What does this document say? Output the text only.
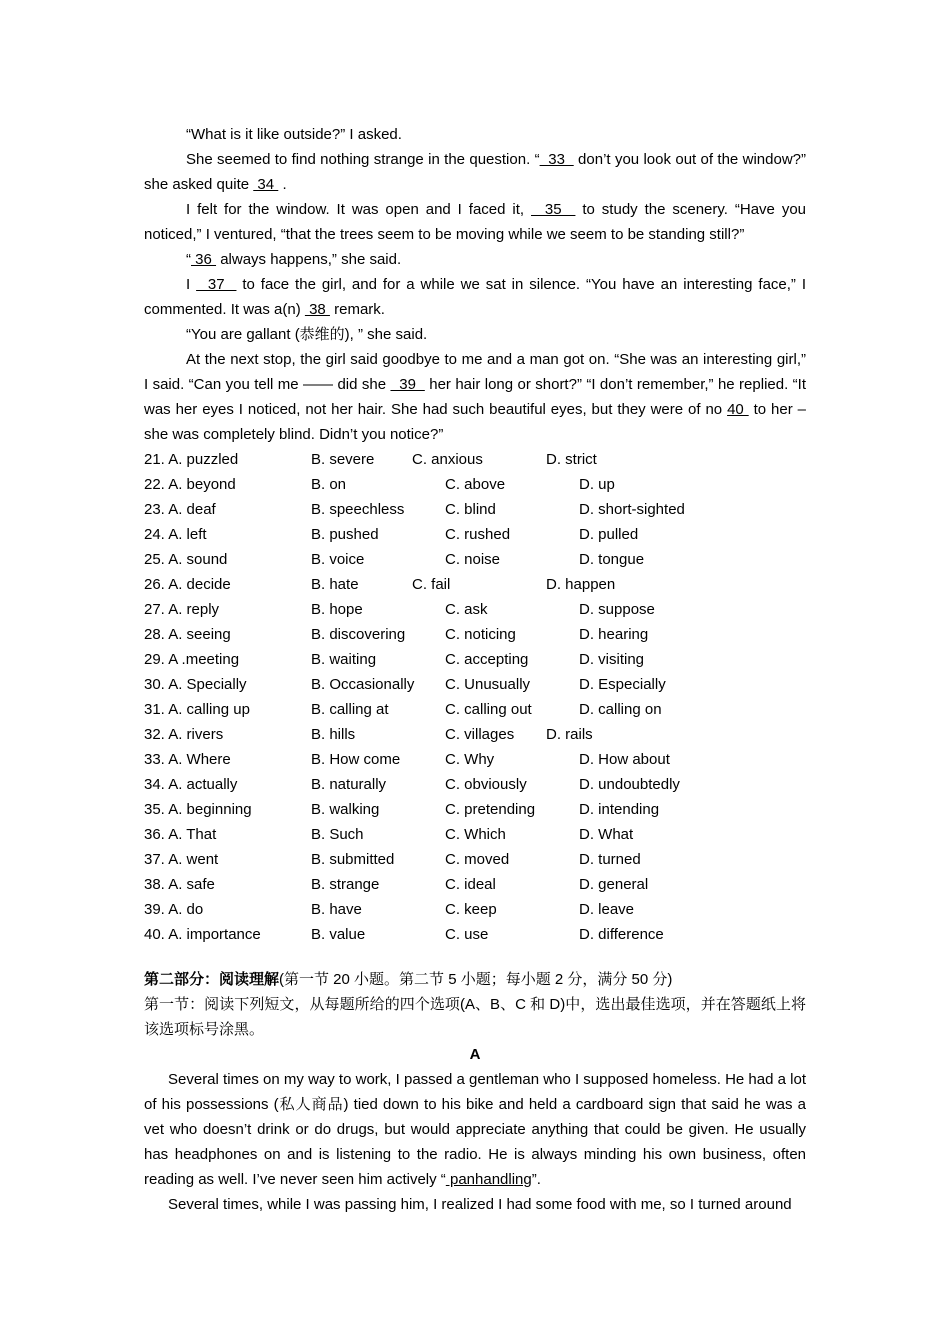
“What is it like outside?” I asked.

She seemed to find nothing strange in the question. “  33   don’t you look out of the window?” she asked quite  34  .

I felt for the window. It was open and I faced it,   35   to study the scenery. “Have you noticed,” I ventured, “that the trees seem to be moving while we seem to be standing still?”

“ 36  always happens,” she said.

I   37   to face the girl, and for a while we sat in silence. “You have an interesting face,” I commented. It was a(n)  38  remark.

“You are gallant (恭维的), ” she said.

At the next stop, the girl said goodbye to me and a man got on. “She was an interesting girl,” I said. “Can you tell me —— did she   39   her hair long or short?” “I don’t remember,” he replied. “It was her eyes I noticed, not her hair. She had such beautiful eyes, but they were of no 40  to her – she was completely blind. Didn’t you notice?”

21. A. puzzled	B. severe	C. anxious	D. strict
22. A. beyond	B. on	C. above	D. up
23. A. deaf	B. speechless	C. blind	D. short-sighted
24. A. left	B. pushed	C. rushed	D. pulled
25. A. sound	B. voice	C. noise	D. tongue
26. A. decide	B. hate	C. fail	D. happen
27. A. reply	B. hope	C. ask	D. suppose
28. A. seeing	B. discovering	C. noticing	D. hearing
29. A .meeting	B. waiting	C. accepting	D. visiting
30. A. Specially	B. Occasionally C. Unusually	D. Especially
31. A. calling up	B. calling at	C. calling out	D. calling on
32. A. rivers	B. hills	C. villages D. rails
33. A. Where	B. How come	C. Why	D. How about
34. A. actually	B. naturally	C. obviously	D. undoubtedly
35. A. beginning	B. walking	C. pretending	D. intending
36. A. That	B. Such	C. Which	D. What
37. A. went	B. submitted	C. moved	D. turned
38. A. safe	B. strange	C. ideal	D. general
39. A. do	B. have	C. keep	D. leave
40. A. importance	B. value	C. use	D. difference
第二部分：阅读理解(第一节 20 小题。第二节 5 小题；每小题 2 分，满分 50 分)

第一节：阅读下列短文，从每题所给的四个选项(A、B、C 和 D)中，选出最佳选项，并在答题纸上将该选项标号涂黑。

A

Several times on my way to work, I passed a gentleman who I supposed homeless. He had a lot of his possessions (私人商品) tied down to his bike and held a cardboard sign that said he was a vet who doesn’t drink or do drugs, but would appreciate anything that could be given. He usually has headphones on and is listening to the radio. He is always minding his own business, often reading as well. I’ve never seen him actively “ panhandling”.

Several times, while I was passing him, I realized I had some food with me, so I turned around
